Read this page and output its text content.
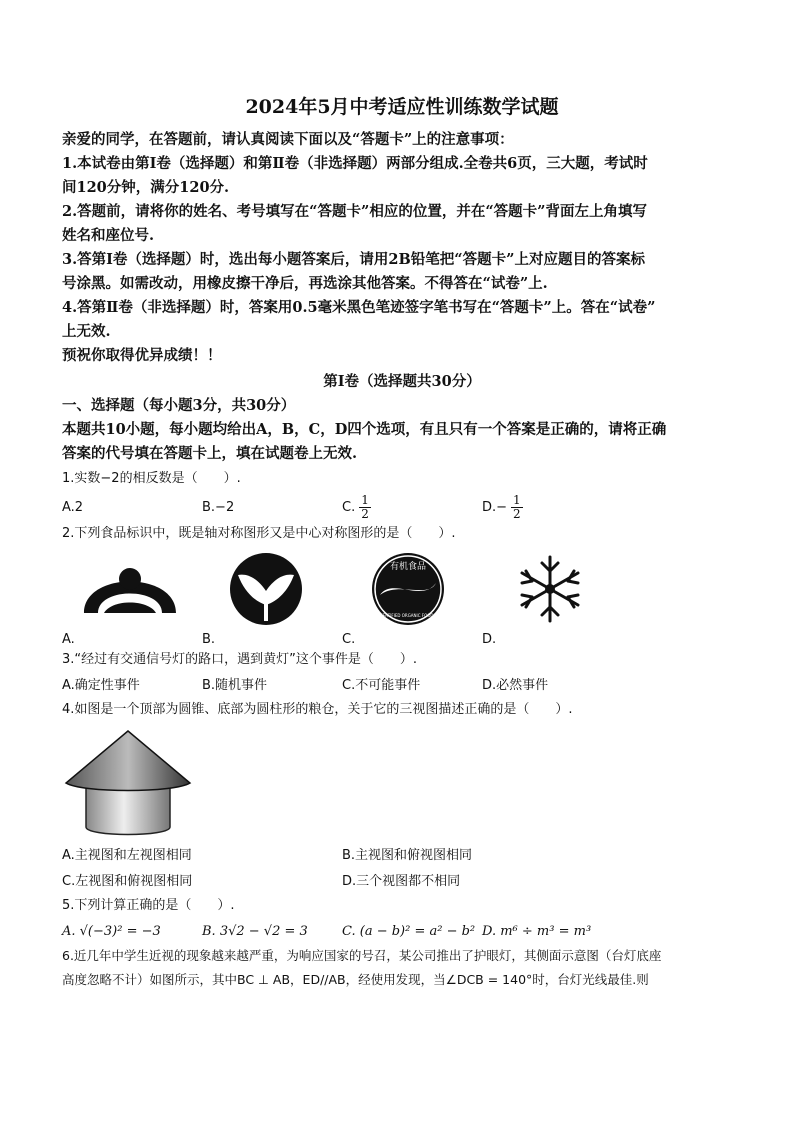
2024年5月中考适应性训练数学试题

亲爱的同学，在答题前，请认真阅读下面以及“答题卡”上的注意事项：

1.本试卷由第Ⅰ卷（选择题）和第Ⅱ卷（非选择题）两部分组成.全卷共6页，三大题，考试时

间120分钟，满分120分.

2.答题前，请将你的姓名、考号填写在“答题卡”相应的位置，并在“答题卡”背面左上角填写

姓名和座位号.

3.答第Ⅰ卷（选择题）时，选出每小题答案后，请用2B铅笔把“答题卡”上对应题目的答案标

号涂黑。如需改动，用橡皮擦干净后，再选涂其他答案。不得答在“试卷”上.

4.答第Ⅱ卷（非选择题）时，答案用0.5毫米黑色笔迹签字笔书写在“答题卡”上。答在“试卷”

上无效.

预祝你取得优异成绩！！

第Ⅰ卷（选择题共30分）

一、选择题（每小题3分，共30分）

本题共10小题，每小题均给出A，B，C，D四个选项，有且只有一个答案是正确的，请将正确

答案的代号填在答题卡上，填在试题卷上无效.

1.实数−2的相反数是（　　）.

A.2	B.−2	C. $\frac{1}{2}$	$D.- \frac{1}{2}$

2.下列食品标识中，既是轴对称图形又是中心对称图形的是（　　）.

A.	B.
有机食品
CERTIFIED ORGANIC FOODS
C.	D.

3.“经过有交通信号灯的路口，遇到黄灯”这个事件是（　　）.

A.确定性事件	B.随机事件	C.不可能事件	D.必然事件

4.如图是一个顶部为圆锥、底部为圆柱形的粮仓，关于它的三视图描述正确的是（　　）.

A.主视图和左视图相同	B.主视图和俯视图相同
C.左视图和俯视图相同	D.三个视图都不相同

5.下列计算正确的是（　　）.

A. √(−3)² = −3	B. 3√2 − √2 = 3	C. (a − b)² = a² − b² D. m⁶ ÷ m³ = m³

6.近几年中学生近视的现象越来越严重，为响应国家的号召，某公司推出了护眼灯，其侧面示意图（台灯底座

高度忽略不计）如图所示，其中BC ⊥ AB，ED//AB，经使用发现，当∠DCB = 140°时，台灯光线最佳.则
